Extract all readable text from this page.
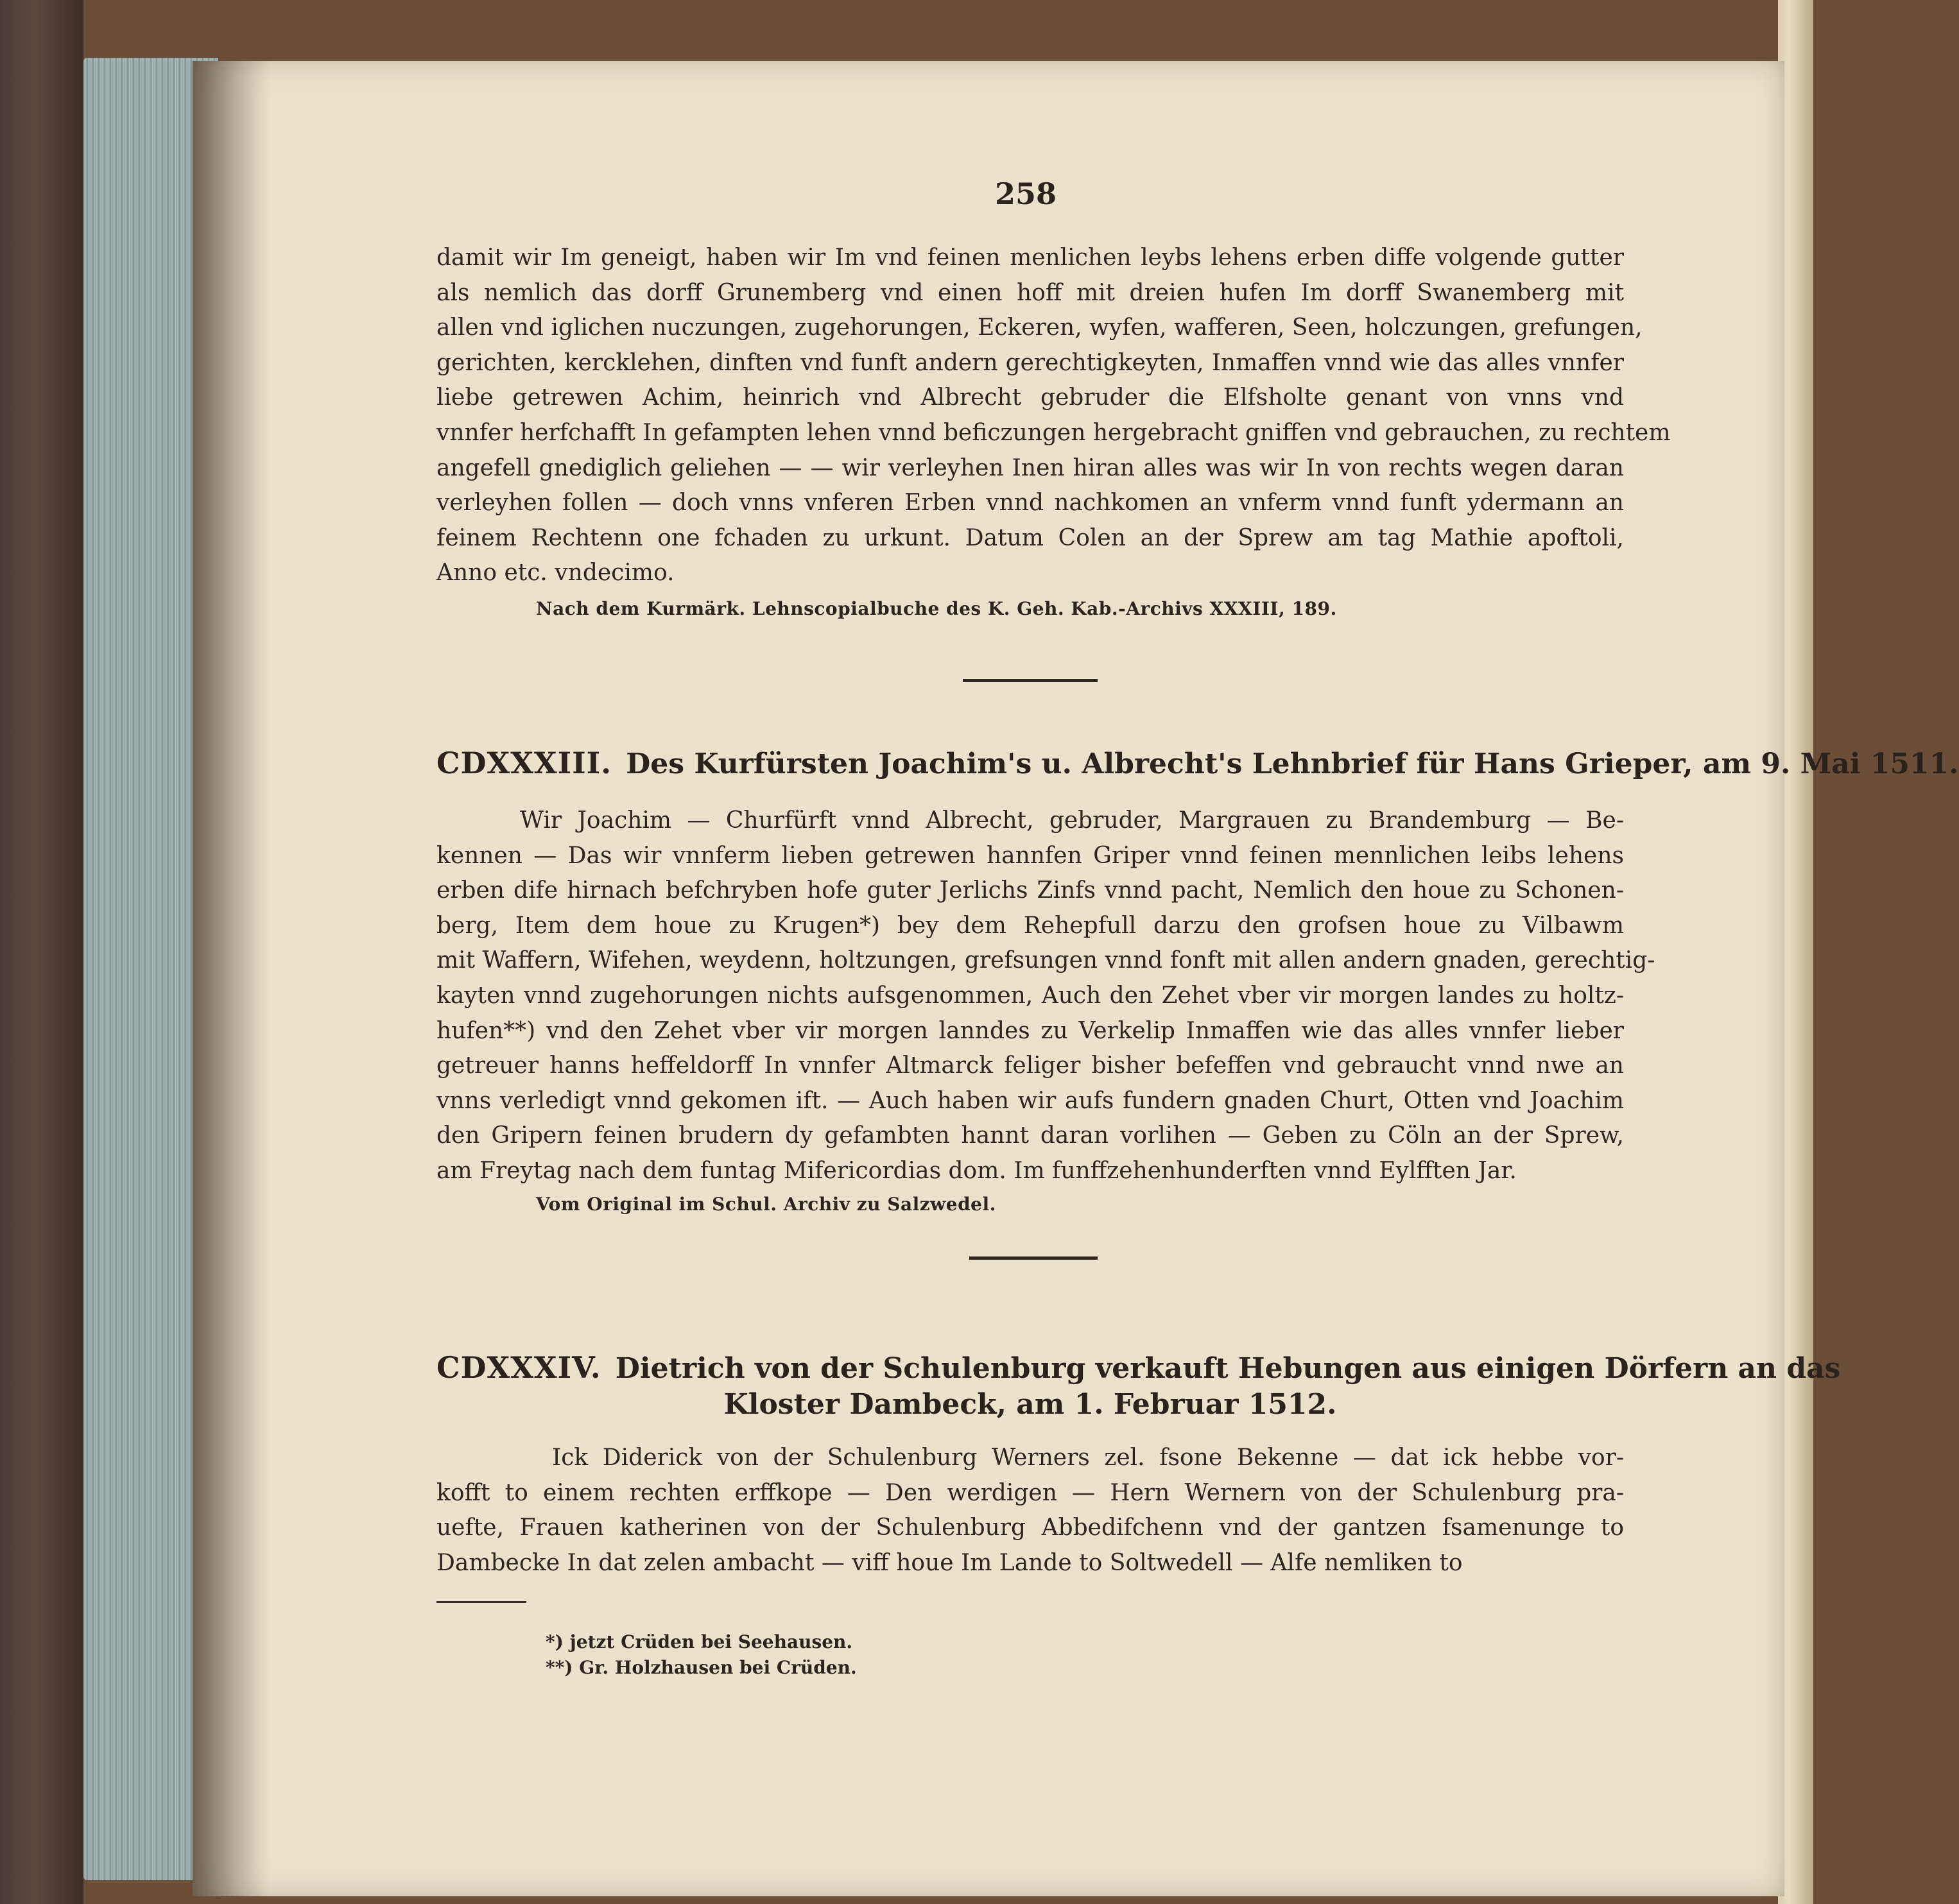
258
damit wir Im geneigt, haben wir Im vnd feinen menlichen leybs lehens erben diffe volgende gutter
als nemlich das dorff Grunemberg vnd einen hoff mit dreien hufen Im dorff Swanemberg mit
allen vnd iglichen nuczungen, zugehorungen, Eckeren, wyfen, wafferen, Seen, holczungen, grefungen,
gerichten, kercklehen, dinften vnd funft andern gerechtigkeyten, Inmaffen vnnd wie das alles vnnfer
liebe getrewen Achim, heinrich vnd Albrecht gebruder die Elfsholte genant von vnns vnd
vnnfer herfchafft In gefampten lehen vnnd beficzungen hergebracht gniffen vnd gebrauchen, zu rechtem
angefell gnediglich geliehen — — wir verleyhen Inen hiran alles was wir In von rechts wegen daran
verleyhen follen — doch vnns vnferen Erben vnnd nachkomen an vnferm vnnd funft ydermann an
feinem Rechtenn one fchaden zu urkunt. Datum Colen an der Sprew am tag Mathie apoftoli,
Anno etc. vndecimo.
Nach dem Kurmärk. Lehnscopialbuche des K. Geh. Kab.-Archivs XXXIII, 189.
CDXXXIII. Des Kurfürsten Joachim's u. Albrecht's Lehnbrief für Hans Grieper, am 9. Mai 1511.
Wir Joachim — Churfürft vnnd Albrecht, gebruder, Margrauen zu Brandemburg — Be-
kennen — Das wir vnnferm lieben getrewen hannfen Griper vnnd feinen mennlichen leibs lehens
erben dife hirnach befchryben hofe guter Jerlichs Zinfs vnnd pacht, Nemlich den houe zu Schonen-
berg, Item dem houe zu Krugen*) bey dem Rehepfull darzu den grofsen houe zu Vilbawm
mit Waffern, Wifehen, weydenn, holtzungen, grefsungen vnnd fonft mit allen andern gnaden, gerechtig-
kayten vnnd zugehorungen nichts aufsgenommen, Auch den Zehet vber vir morgen landes zu holtz-
hufen**) vnd den Zehet vber vir morgen lanndes zu Verkelip Inmaffen wie das alles vnnfer lieber
getreuer hanns heffeldorff In vnnfer Altmarck feliger bisher befeffen vnd gebraucht vnnd nwe an
vnns verledigt vnnd gekomen ift. — Auch haben wir aufs fundern gnaden Churt, Otten vnd Joachim
den Gripern feinen brudern dy gefambten hannt daran vorlihen — Geben zu Cöln an der Sprew,
am Freytag nach dem funtag Mifericordias dom. Im funffzehenhunderften vnnd Eylfften Jar.
Vom Original im Schul. Archiv zu Salzwedel.
CDXXXIV. Dietrich von der Schulenburg verkauft Hebungen aus einigen Dörfern an das
Kloster Dambeck, am 1. Februar 1512.
Ick Diderick von der Schulenburg Werners zel. fsone Bekenne — dat ick hebbe vor-
kofft to einem rechten erffkope — Den werdigen — Hern Wernern von der Schulenburg pra-
uefte, Frauen katherinen von der Schulenburg Abbedifchenn vnd der gantzen fsamenunge to
Dambecke In dat zelen ambacht — viff houe Im Lande to Soltwedell — Alfe nemliken to
*) jetzt Crüden bei Seehausen.
**) Gr. Holzhausen bei Crüden.
